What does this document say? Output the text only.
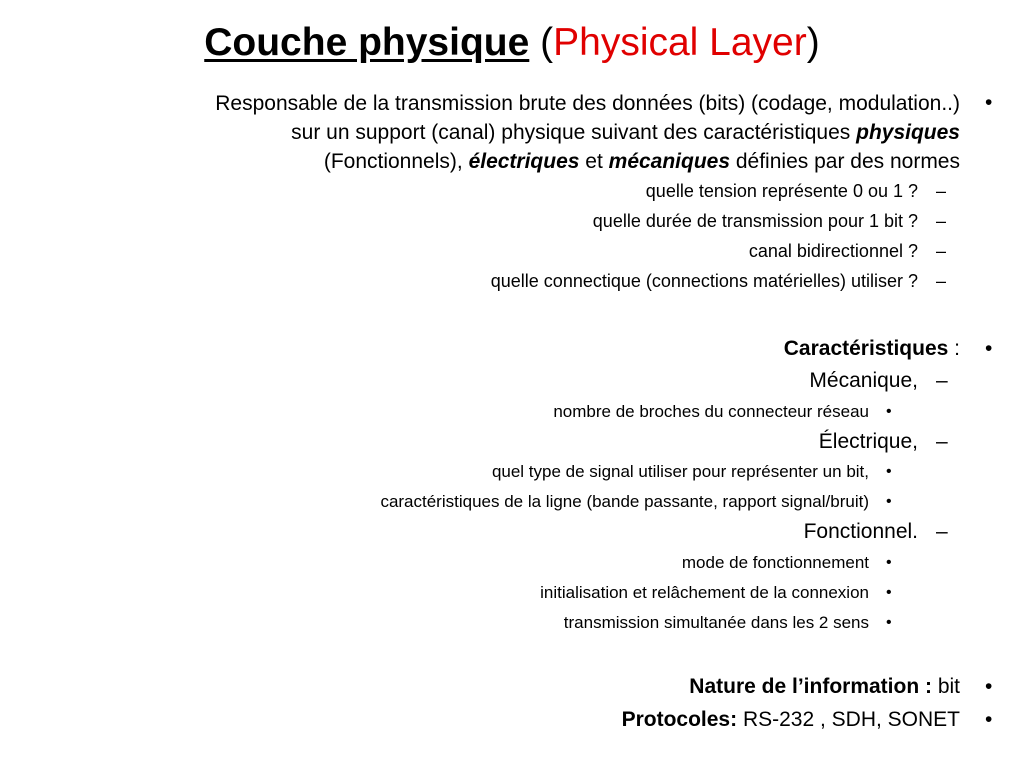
Couche physique (Physical Layer)
Responsable de la transmission brute des données (bits) (codage, modulation..)
sur un support (canal) physique suivant des caractéristiques physiques
(Fonctionnels), électriques et mécaniques définies par des normes
•
quelle tension représente 0 ou 1 ? –
quelle durée de transmission pour 1 bit ? –
canal bidirectionnel ? –
quelle connectique (connections matérielles) utiliser ? –
Caractéristiques : •
Mécanique, –
nombre de broches du connecteur réseau •
Électrique, –
quel type de signal utiliser pour représenter un bit, •
caractéristiques de la ligne (bande passante, rapport signal/bruit) •
Fonctionnel. –
mode de fonctionnement •
initialisation et relâchement de la connexion •
transmission simultanée dans les 2 sens •
Nature de l’information : bit •
Protocoles: RS-232 , SDH, SONET •
